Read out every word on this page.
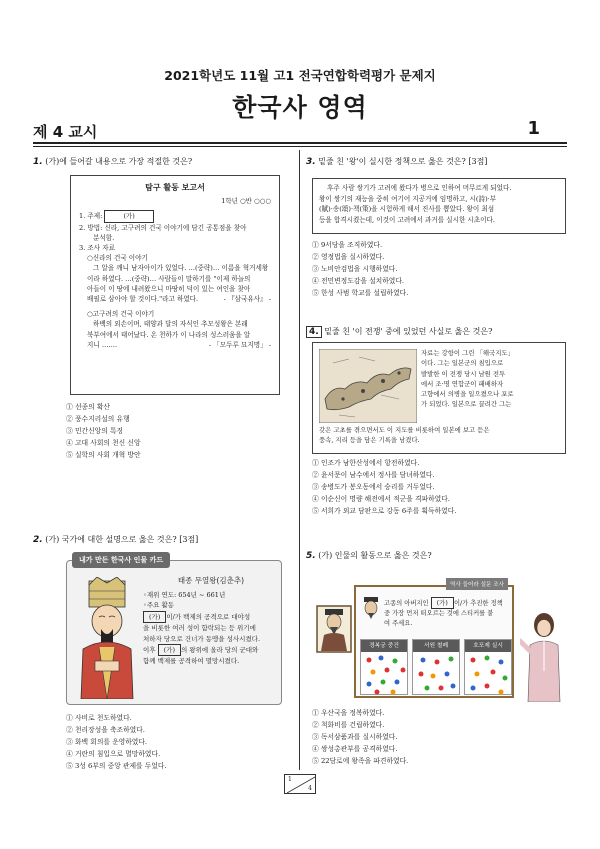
2021학년도 11월 고1 전국연합학력평가 문제지
한국사 영역
제 4 교시	1
1. (가)에 들어갈 내용으로 가장 적절한 것은?
탐구 활동 보고서
1학년 ○반 ○○○
1. 주제:	(가)
2. 방법: 신라, 고구려의 건국 이야기에 담긴 공통점을 찾아
분석함.
3. 조사 자료
○신라의 건국 이야기
그 알을 깨니 남자아이가 있었다. …(중략)… 이름을 혁거세왕
이라 하였다. …(중략)… 사람들이 말하기를 "이제 하늘의
아들이 이 땅에 내려왔으니 마땅히 덕이 있는 여인을 찾아
배필로 삼아야 할 것이다."라고 하였다.	- 『삼국유사』 -
○고구려의 건국 이야기
하백의 외손이며, 태양과 달의 자식인 추모성왕은 본래
북부여에서 태어났다. 온 천하가 이 나라의 성스러움을 알
지니 …….	- 「모두루 묘지명」 -
① 선종의 확산
② 풍수지리설의 유행
③ 민간신앙의 특징
④ 고대 사회의 천신 신앙
⑤ 실학의 사회 개혁 방안
2. (가) 국가에 대한 설명으로 옳은 것은? [3점]
내가 만든 한국사 인물 카드
태종 무열왕(김춘추)
◦재위 연도: 654년 ~ 661년
◦주요 활동
(가) 이/가 백제의 공격으로 대야성
을 비롯한 여러 성이 함락되는 등 위기에
처하자 당으로 건너가 동맹을 성사시켰다.
이후 (가) 의 왕위에 올라 당의 군대와
함께 백제를 공격하여 멸망시켰다.
① 사비로 천도하였다.
② 천리장성을 축조하였다.
③ 화백 회의를 운영하였다.
④ 거란의 침입으로 멸망하였다.
⑤ 3성 6부의 중앙 관제를 두었다.
3. 밑줄 친 '왕'이 실시한 정책으로 옳은 것은? [3점]
후주 사람 쌍기가 고려에 왔다가 병으로 인하여 머무르게 되었다.
왕이 쌍기의 재능을 중히 여기어 지공거에 임명하고, 시(詩)·부
(賦)·송(頌)·책(策)을 시험하게 해서 진사를 뽑았다. 왕이 최섬
등을 합격시켰는데, 이것이 고려에서 과거를 실시한 시초이다.
① 9서당을 조직하였다.
② 영정법을 실시하였다.
③ 노비안검법을 시행하였다.
④ 전민변정도감을 설치하였다.
⑤ 한성 사범 학교를 설립하였다.
4. 밑줄 친 '이 전쟁' 중에 있었던 사실로 옳은 것은?
자료는 강항이 그린 「해국지도」
이다. 그는 일본군의 침입으로
발발한 이 전쟁 당시 남원 전투
에서 조·명 연합군이 패배하자
고향에서 의병을 일으켰으나 포로
가 되었다. 일본으로 끌려간 그는
갖은 고초를 겪으면서도 이 지도를 비롯하여 일본에 보고 듣은
풍속, 지리 등을 담은 기록을 남겼다.
① 인조가 남한산성에서 항전하였다.
② 윤서문이 남수에서 정사를 담녀하였다.
③ 송병도가 봉오동에서 승리를 거두었다.
④ 이순신이 명량 해전에서 적군을 격파하였다.
⑤ 서희가 외교 담판으로 강동 6주를 획득하였다.
5. (가) 인물의 활동으로 옳은 것은?
역사 들어라 설문 조사
고종의 아버지인 (가) 이/가 추진한 정책
중 가장 먼저 떠오르는 것에 스티커를 붙
여 주세요.
경복궁 중건	서원 철폐	호포제 실시
① 우산국을 정복하였다.
② 척화비를 건립하였다.
③ 독서삼품과를 실시하였다.
④ 쌍성총관부를 공격하였다.
⑤ 22담로에 왕족을 파견하였다.
1
4
